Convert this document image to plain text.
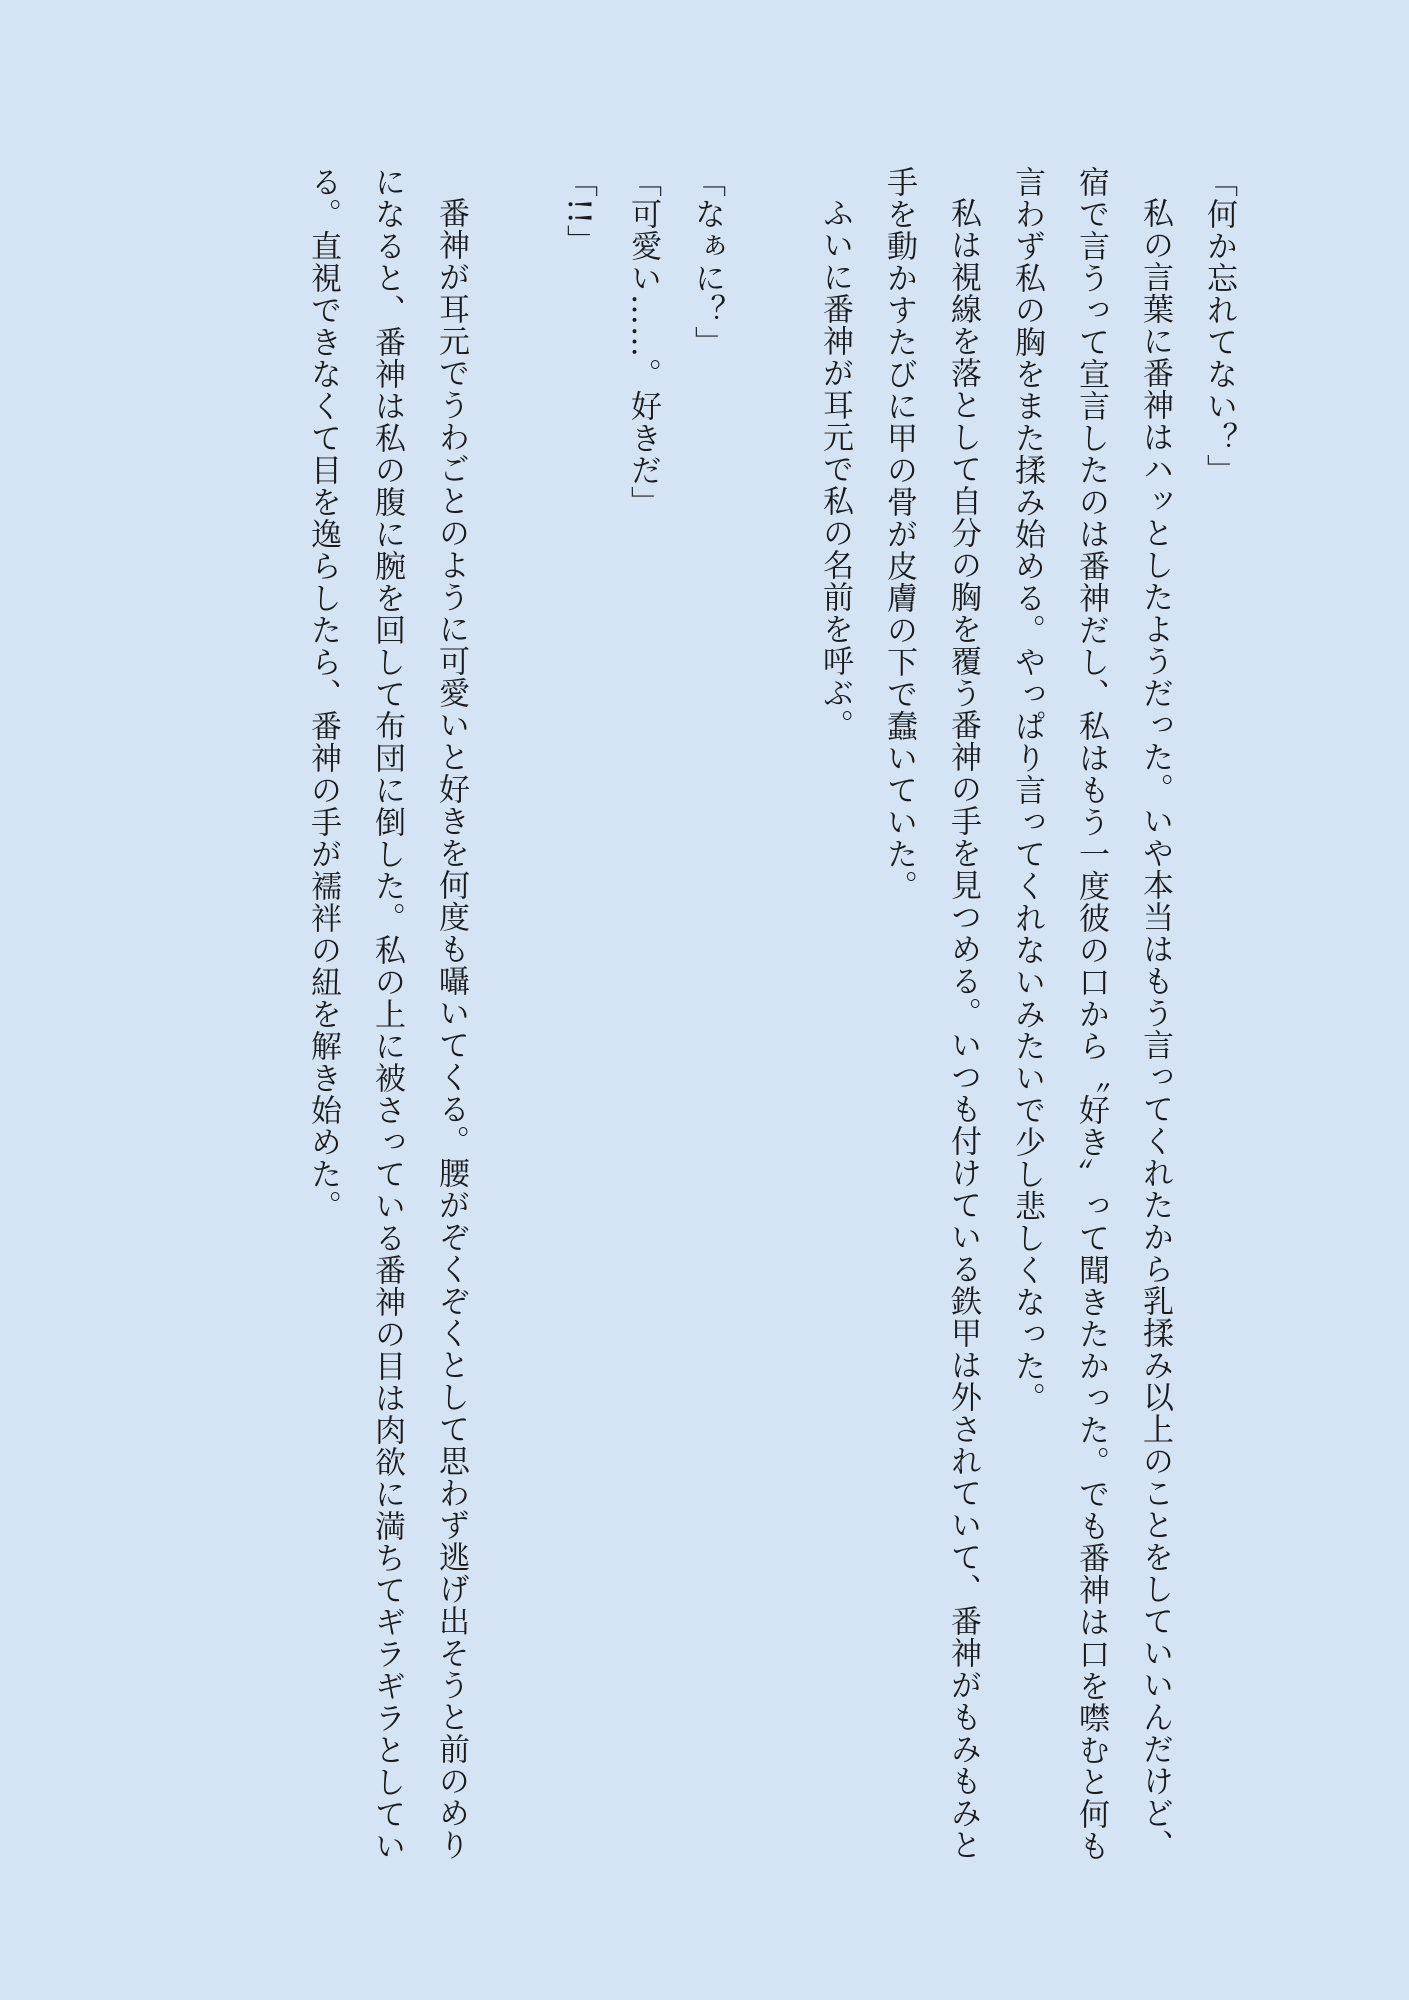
「何か忘れてない？」

私の言葉に番神はハッとしたようだった。いや本当はもう言ってくれたから乳揉み以上のことをしていいんだけど、宿で言うって宣言したのは番神だし、私はもう一度彼の口から〝好き〟って聞きたかった。でも番神は口を噤むと何も言わず私の胸をまた揉み始める。やっぱり言ってくれないみたいで少し悲しくなった。

私は視線を落として自分の胸を覆う番神の手を見つめる。いつも付けている鉄甲は外されていて、番神がもみもみと手を動かすたびに甲の骨が皮膚の下で蠢いていた。

ふいに番神が耳元で私の名前を呼ぶ。

「なぁに？」

「可愛い……。好きだ」

「!!」

番神が耳元でうわごとのように可愛いと好きを何度も囁いてくる。腰がぞくぞくとして思わず逃げ出そうと前のめりになると、番神は私の腹に腕を回して布団に倒した。私の上に被さっている番神の目は肉欲に満ちてギラギラとしている。直視できなくて目を逸らしたら、番神の手が襦袢の紐を解き始めた。
